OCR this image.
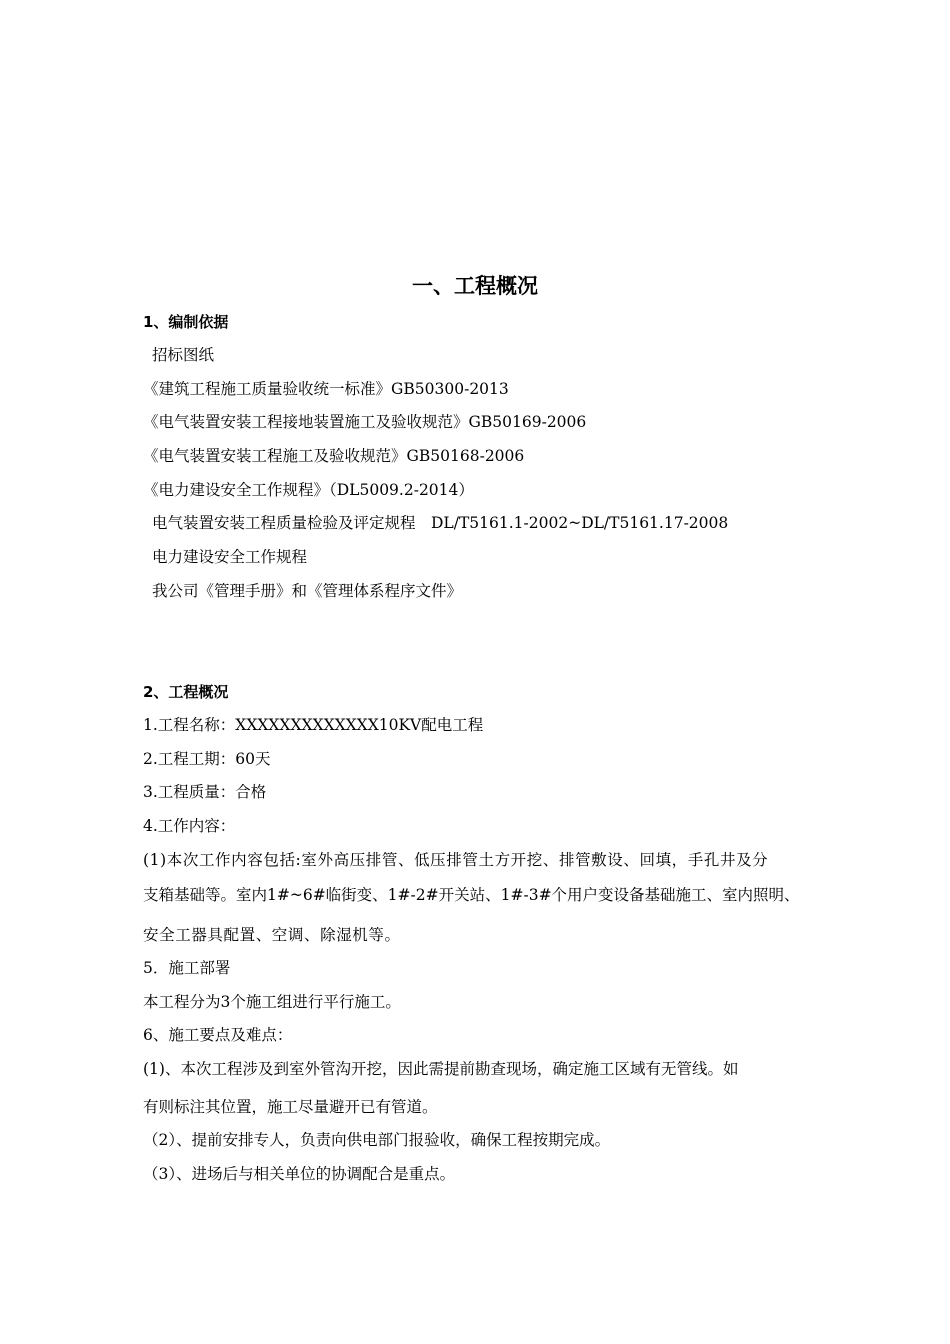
一、工程概况
1、编制依据
招标图纸
《建筑工程施工质量验收统一标准》GB50300-2013
《电气装置安装工程接地装置施工及验收规范》GB50169-2006
《电气装置安装工程施工及验收规范》GB50168-2006
《电力建设安全工作规程》（DL5009.2-2014）
电气装置安装工程质量检验及评定规程　DL/T5161.1-2002~DL/T5161.17-2008
电力建设安全工作规程
我公司《管理手册》和《管理体系程序文件》
2、工程概况
1.工程名称：XXXXXXXXXXXXX10KV配电工程
2.工程工期：60天
3.工程质量：合格
4.工作内容：
(1)本次工作内容包括:室外高压排管、低压排管土方开挖、排管敷设、回填，手孔井及分
支箱基础等。室内1#~6#临街变、1#-2#开关站、1#-3#个用户变设备基础施工、室内照明、
安全工器具配置、空调、除湿机等。
5．施工部署
本工程分为3个施工组进行平行施工。
6、施工要点及难点：
(1)、本次工程涉及到室外管沟开挖，因此需提前勘查现场，确定施工区域有无管线。如
有则标注其位置，施工尽量避开已有管道。
（2）、提前安排专人，负责向供电部门报验收，确保工程按期完成。
（3）、进场后与相关单位的协调配合是重点。
